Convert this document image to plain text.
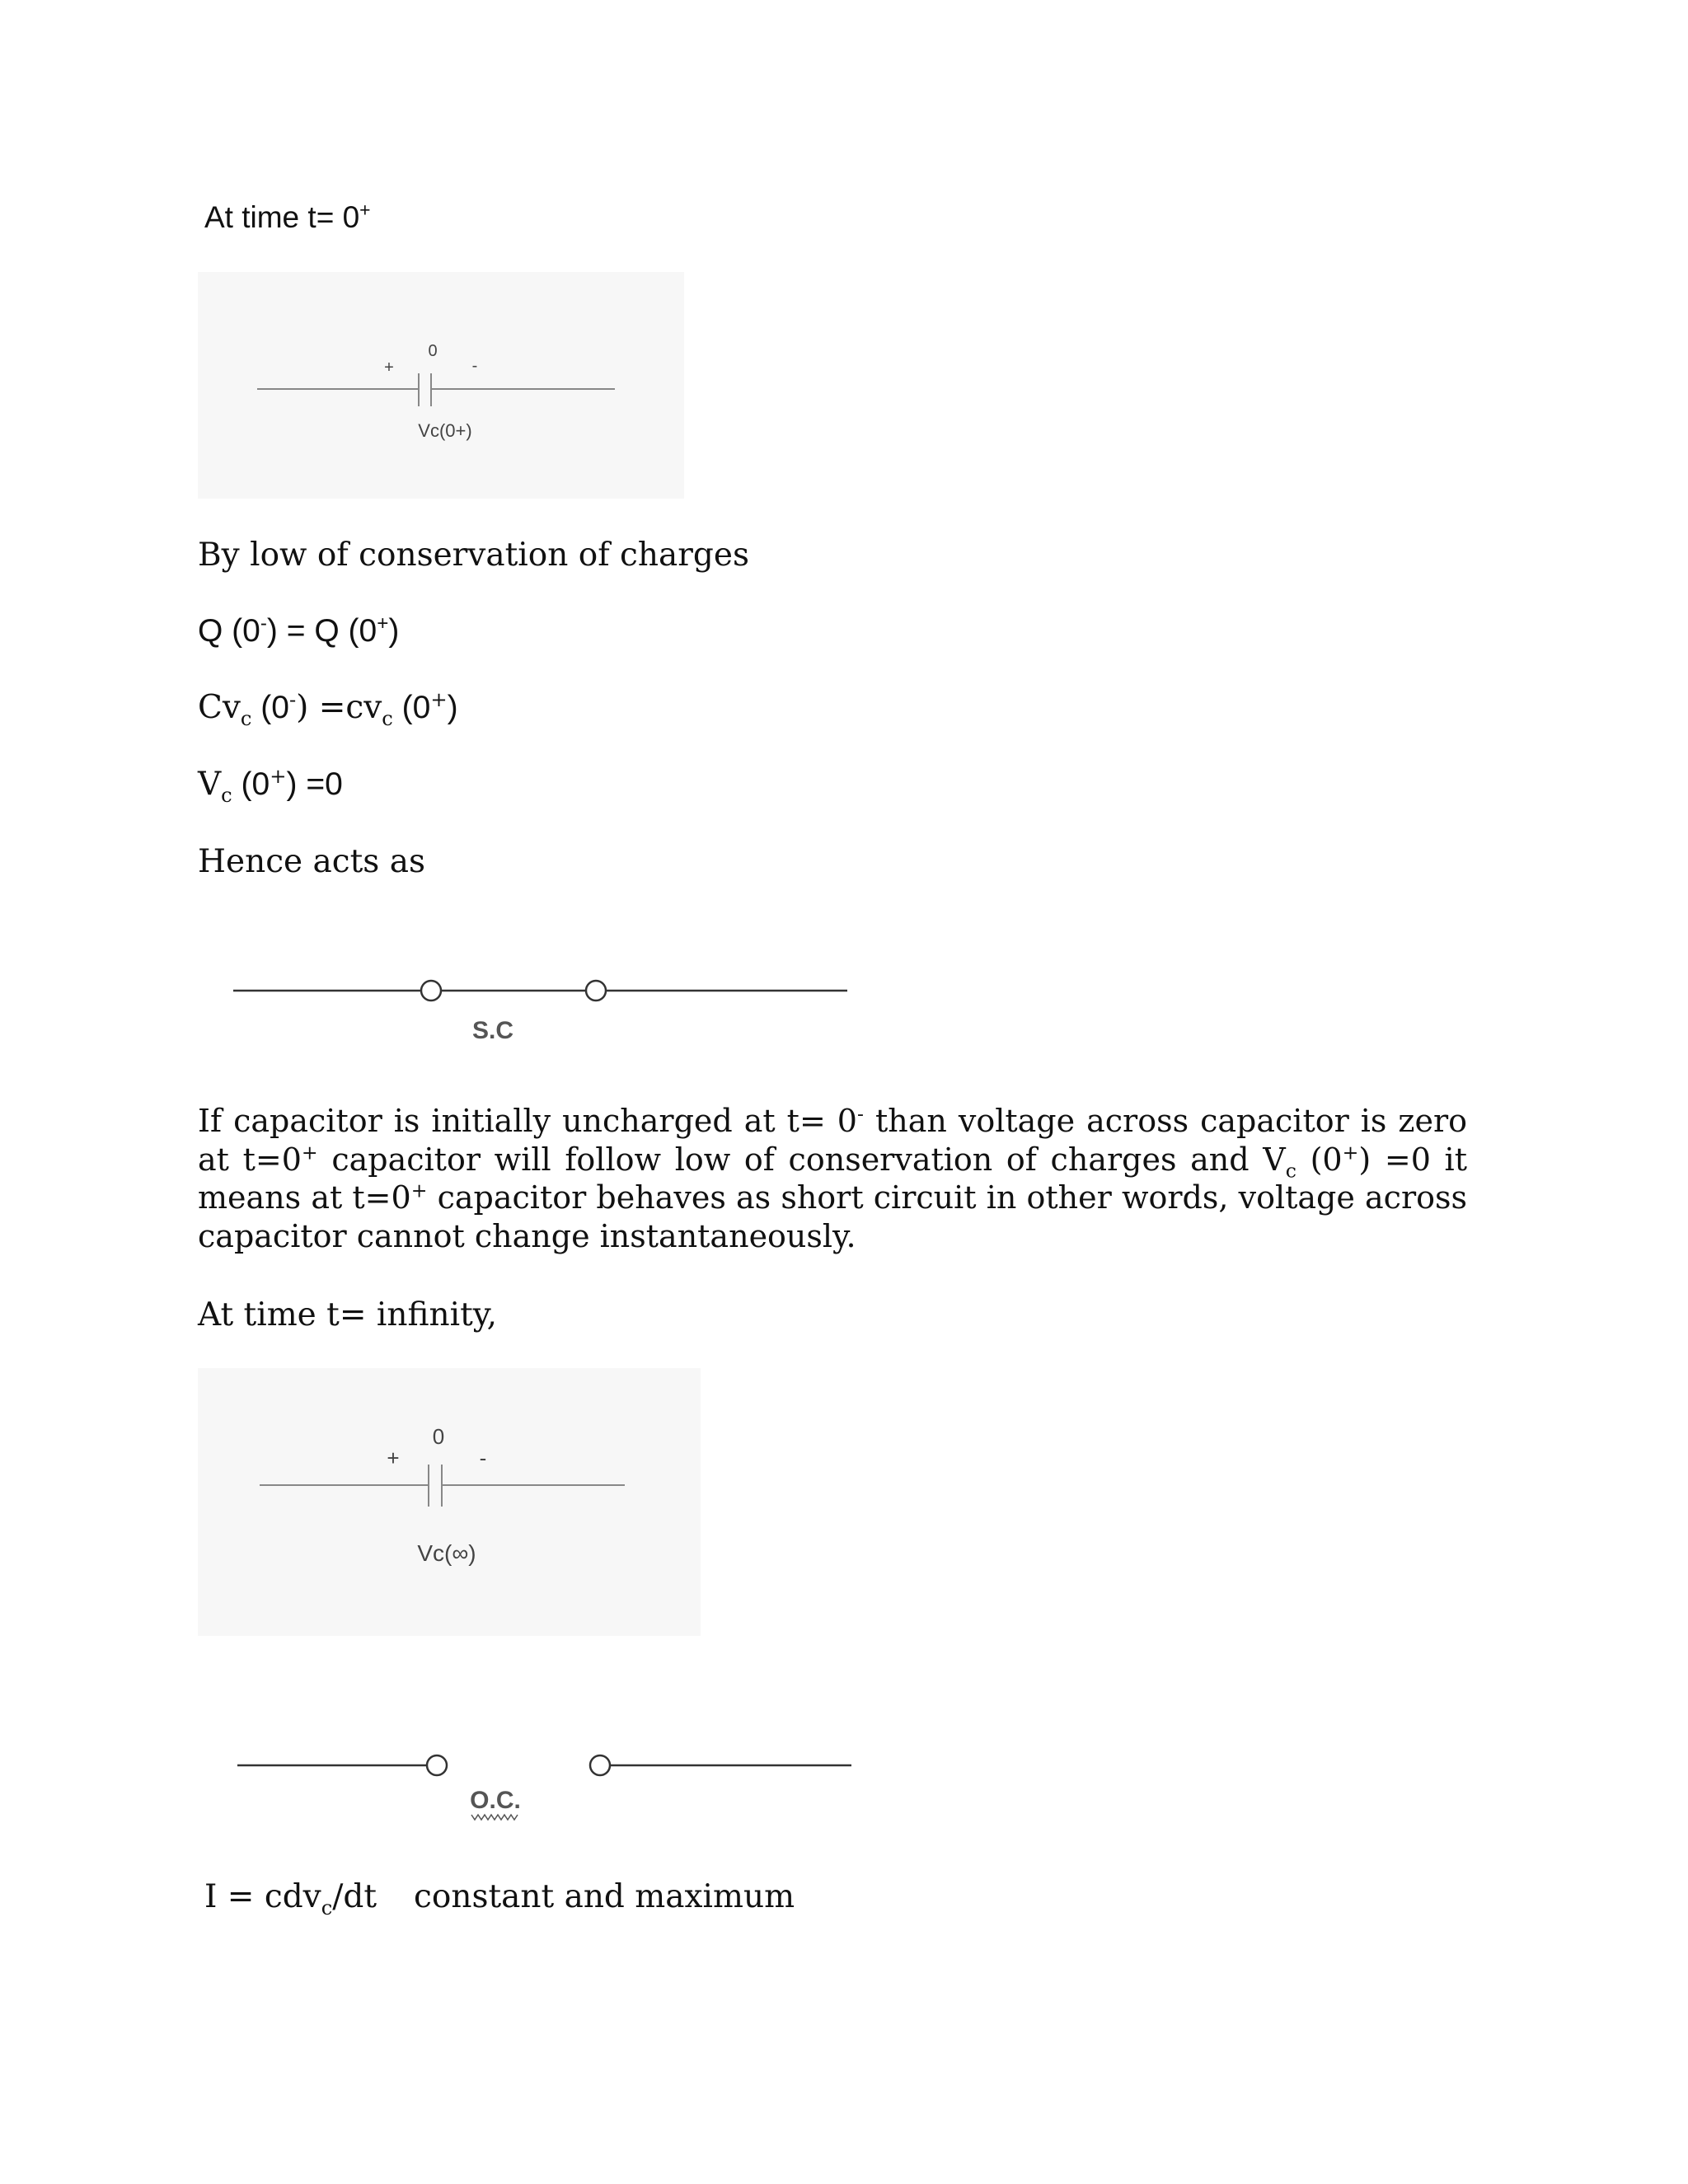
At time t= 0+

0
+	-
Vc(0+)

By low of conservation of charges

Q (0-) = Q (0+)

$Cv_c$ $(0^-) =cv_c$ (0+)

$V_c$ (0+) =0

Hence acts as

S.C

If capacitor is initially uncharged at t= 0- than voltage across capacitor is zero at t=0+ capacitor will follow low of conservation of charges and $V_c$ (0+) =0 it means at t=0+ capacitor behaves as short circuit in other words, voltage across capacitor cannot change instantaneously.

At time t= infinity,

0
+	-
Vc(∞)
O.C.

I = cdv$_c$/dt constant and maximum
